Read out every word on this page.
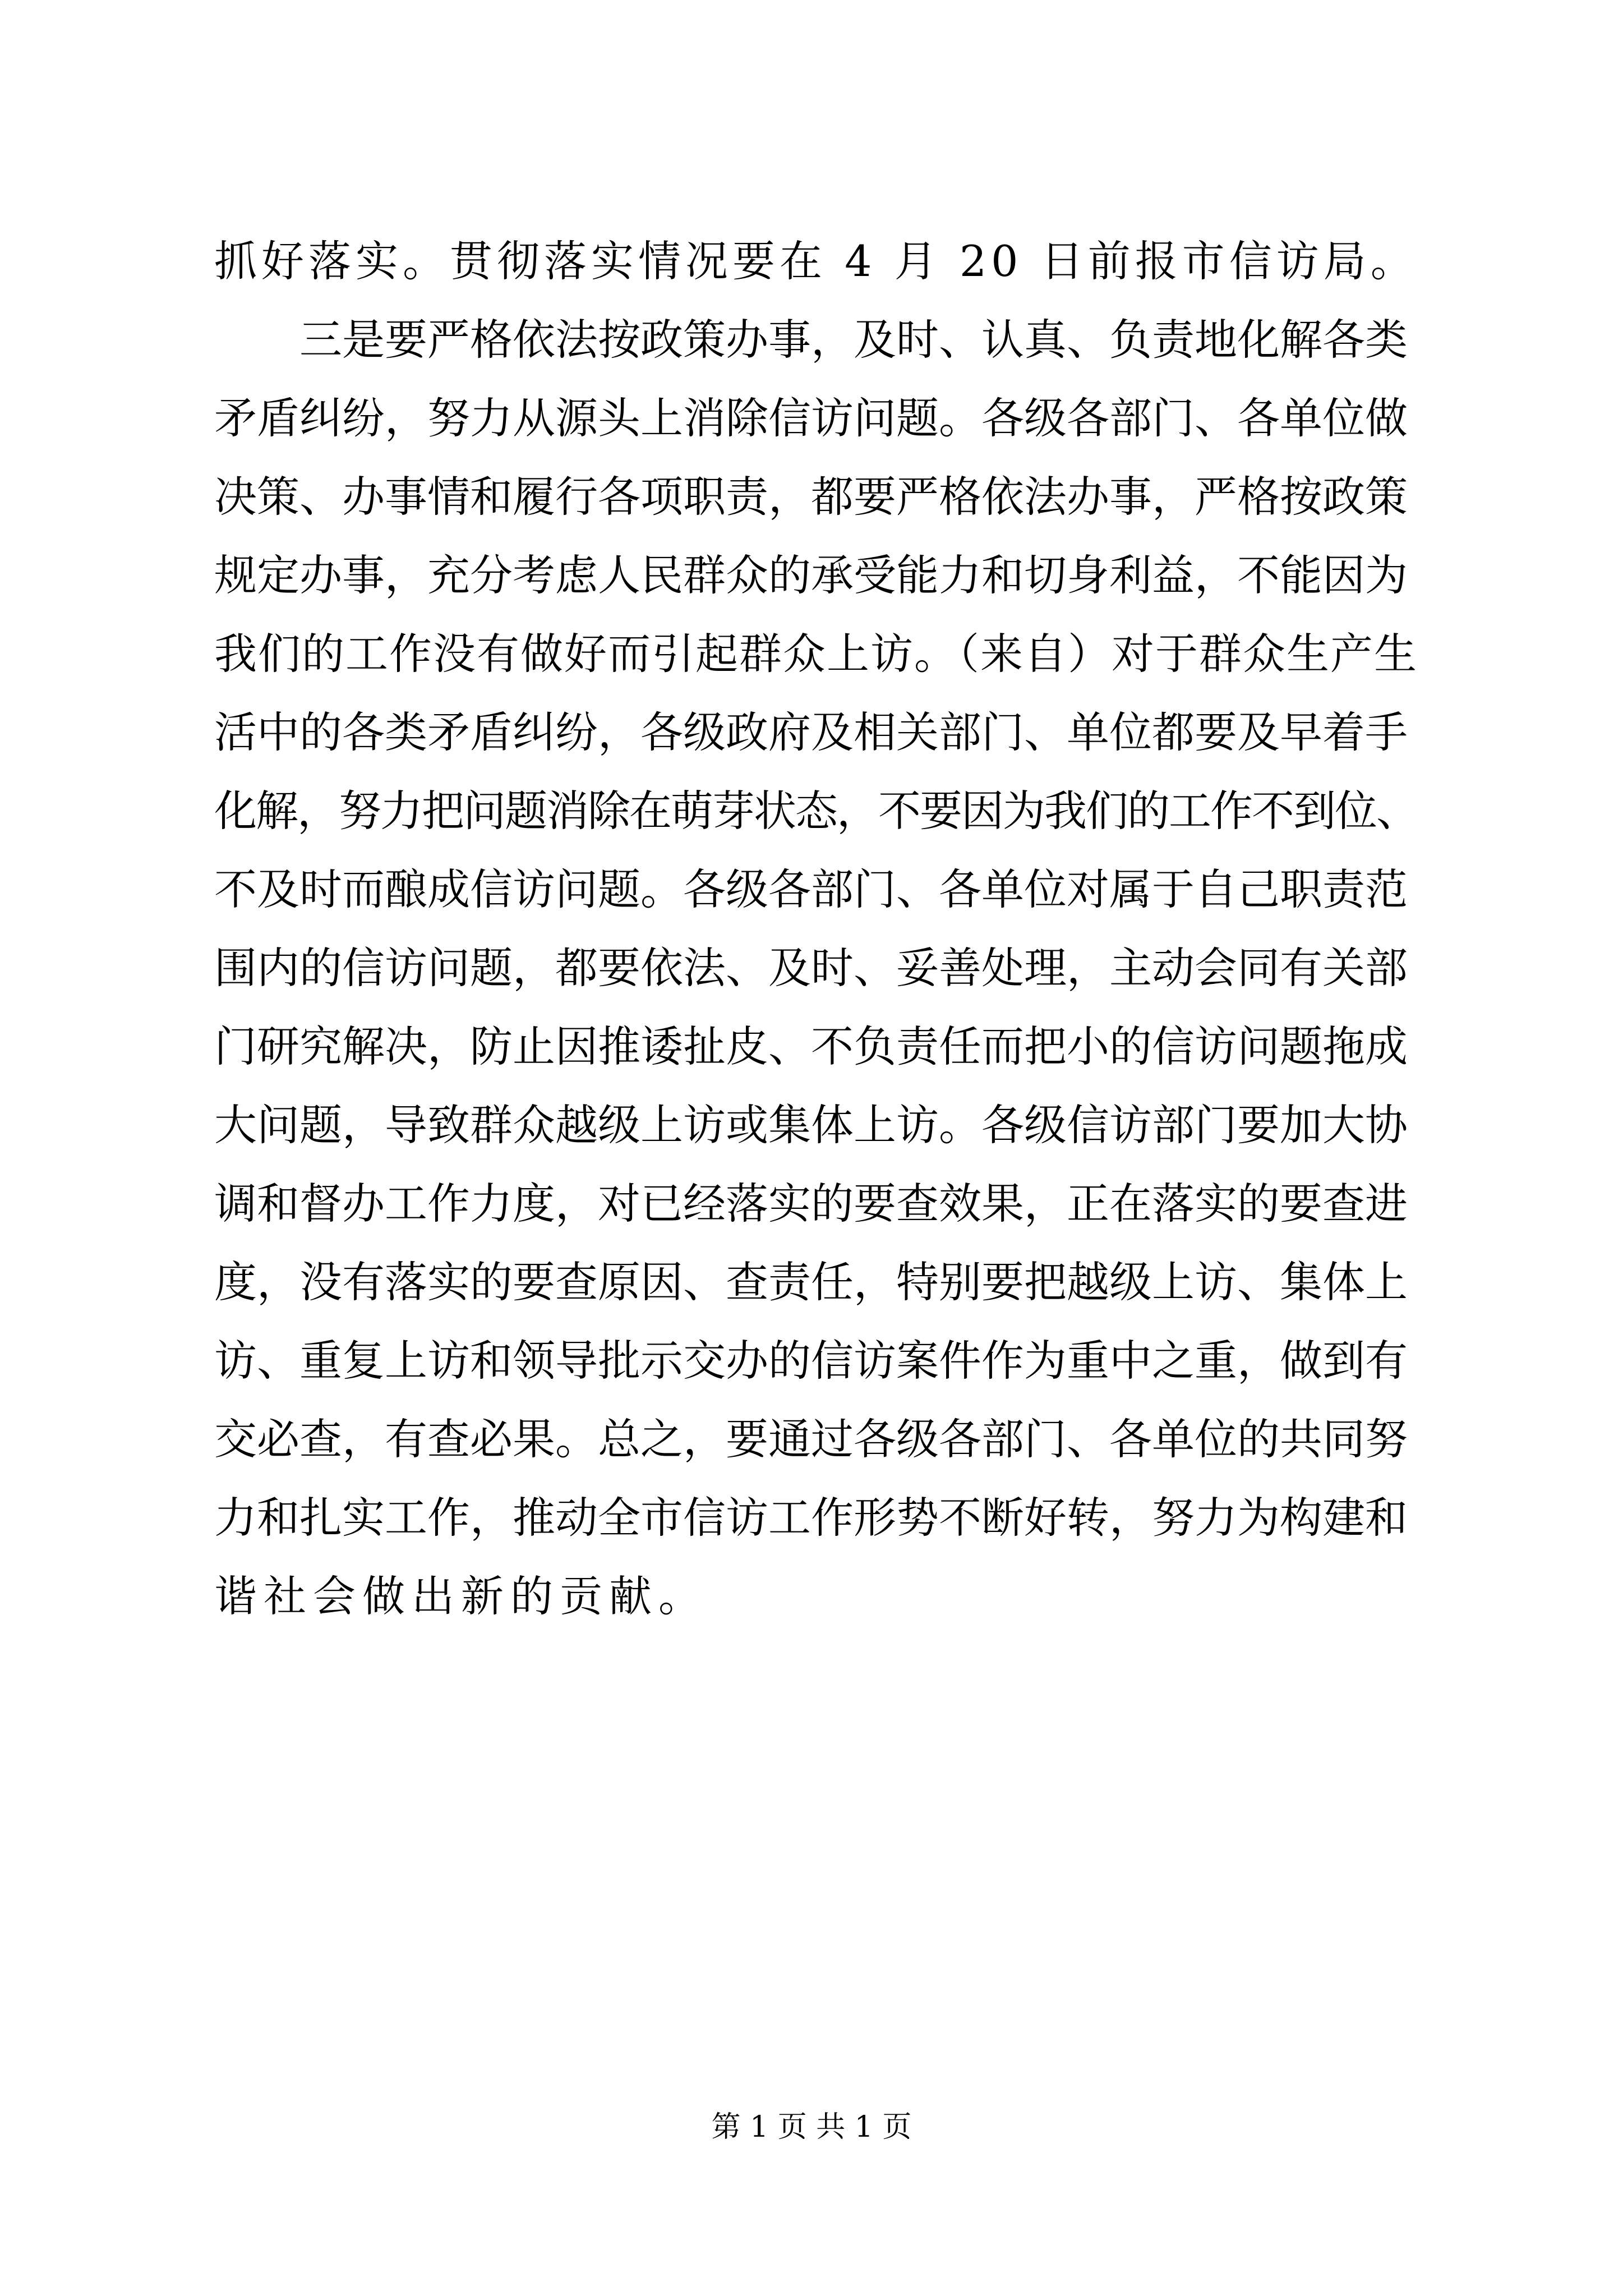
抓好落实。贯彻落实情况要在 4 月 20 日前报市信访局。
三是要严格依法按政策办事，及时、认真、负责地化解各类
矛盾纠纷，努力从源头上消除信访问题。各级各部门、各单位做
决策、办事情和履行各项职责，都要严格依法办事，严格按政策
规定办事，充分考虑人民群众的承受能力和切身利益，不能因为
我们的工作没有做好而引起群众上访。（来自）对于群众生产生
活中的各类矛盾纠纷，各级政府及相关部门、单位都要及早着手
化解，努力把问题消除在萌芽状态，不要因为我们的工作不到位、
不及时而酿成信访问题。各级各部门、各单位对属于自己职责范
围内的信访问题，都要依法、及时、妥善处理，主动会同有关部
门研究解决，防止因推诿扯皮、不负责任而把小的信访问题拖成
大问题，导致群众越级上访或集体上访。各级信访部门要加大协
调和督办工作力度，对已经落实的要查效果，正在落实的要查进
度，没有落实的要查原因、查责任，特别要把越级上访、集体上
访、重复上访和领导批示交办的信访案件作为重中之重，做到有
交必查，有查必果。总之，要通过各级各部门、各单位的共同努
力和扎实工作，推动全市信访工作形势不断好转，努力为构建和
谐社会做出新的贡献。
第 1 页 共 1 页
